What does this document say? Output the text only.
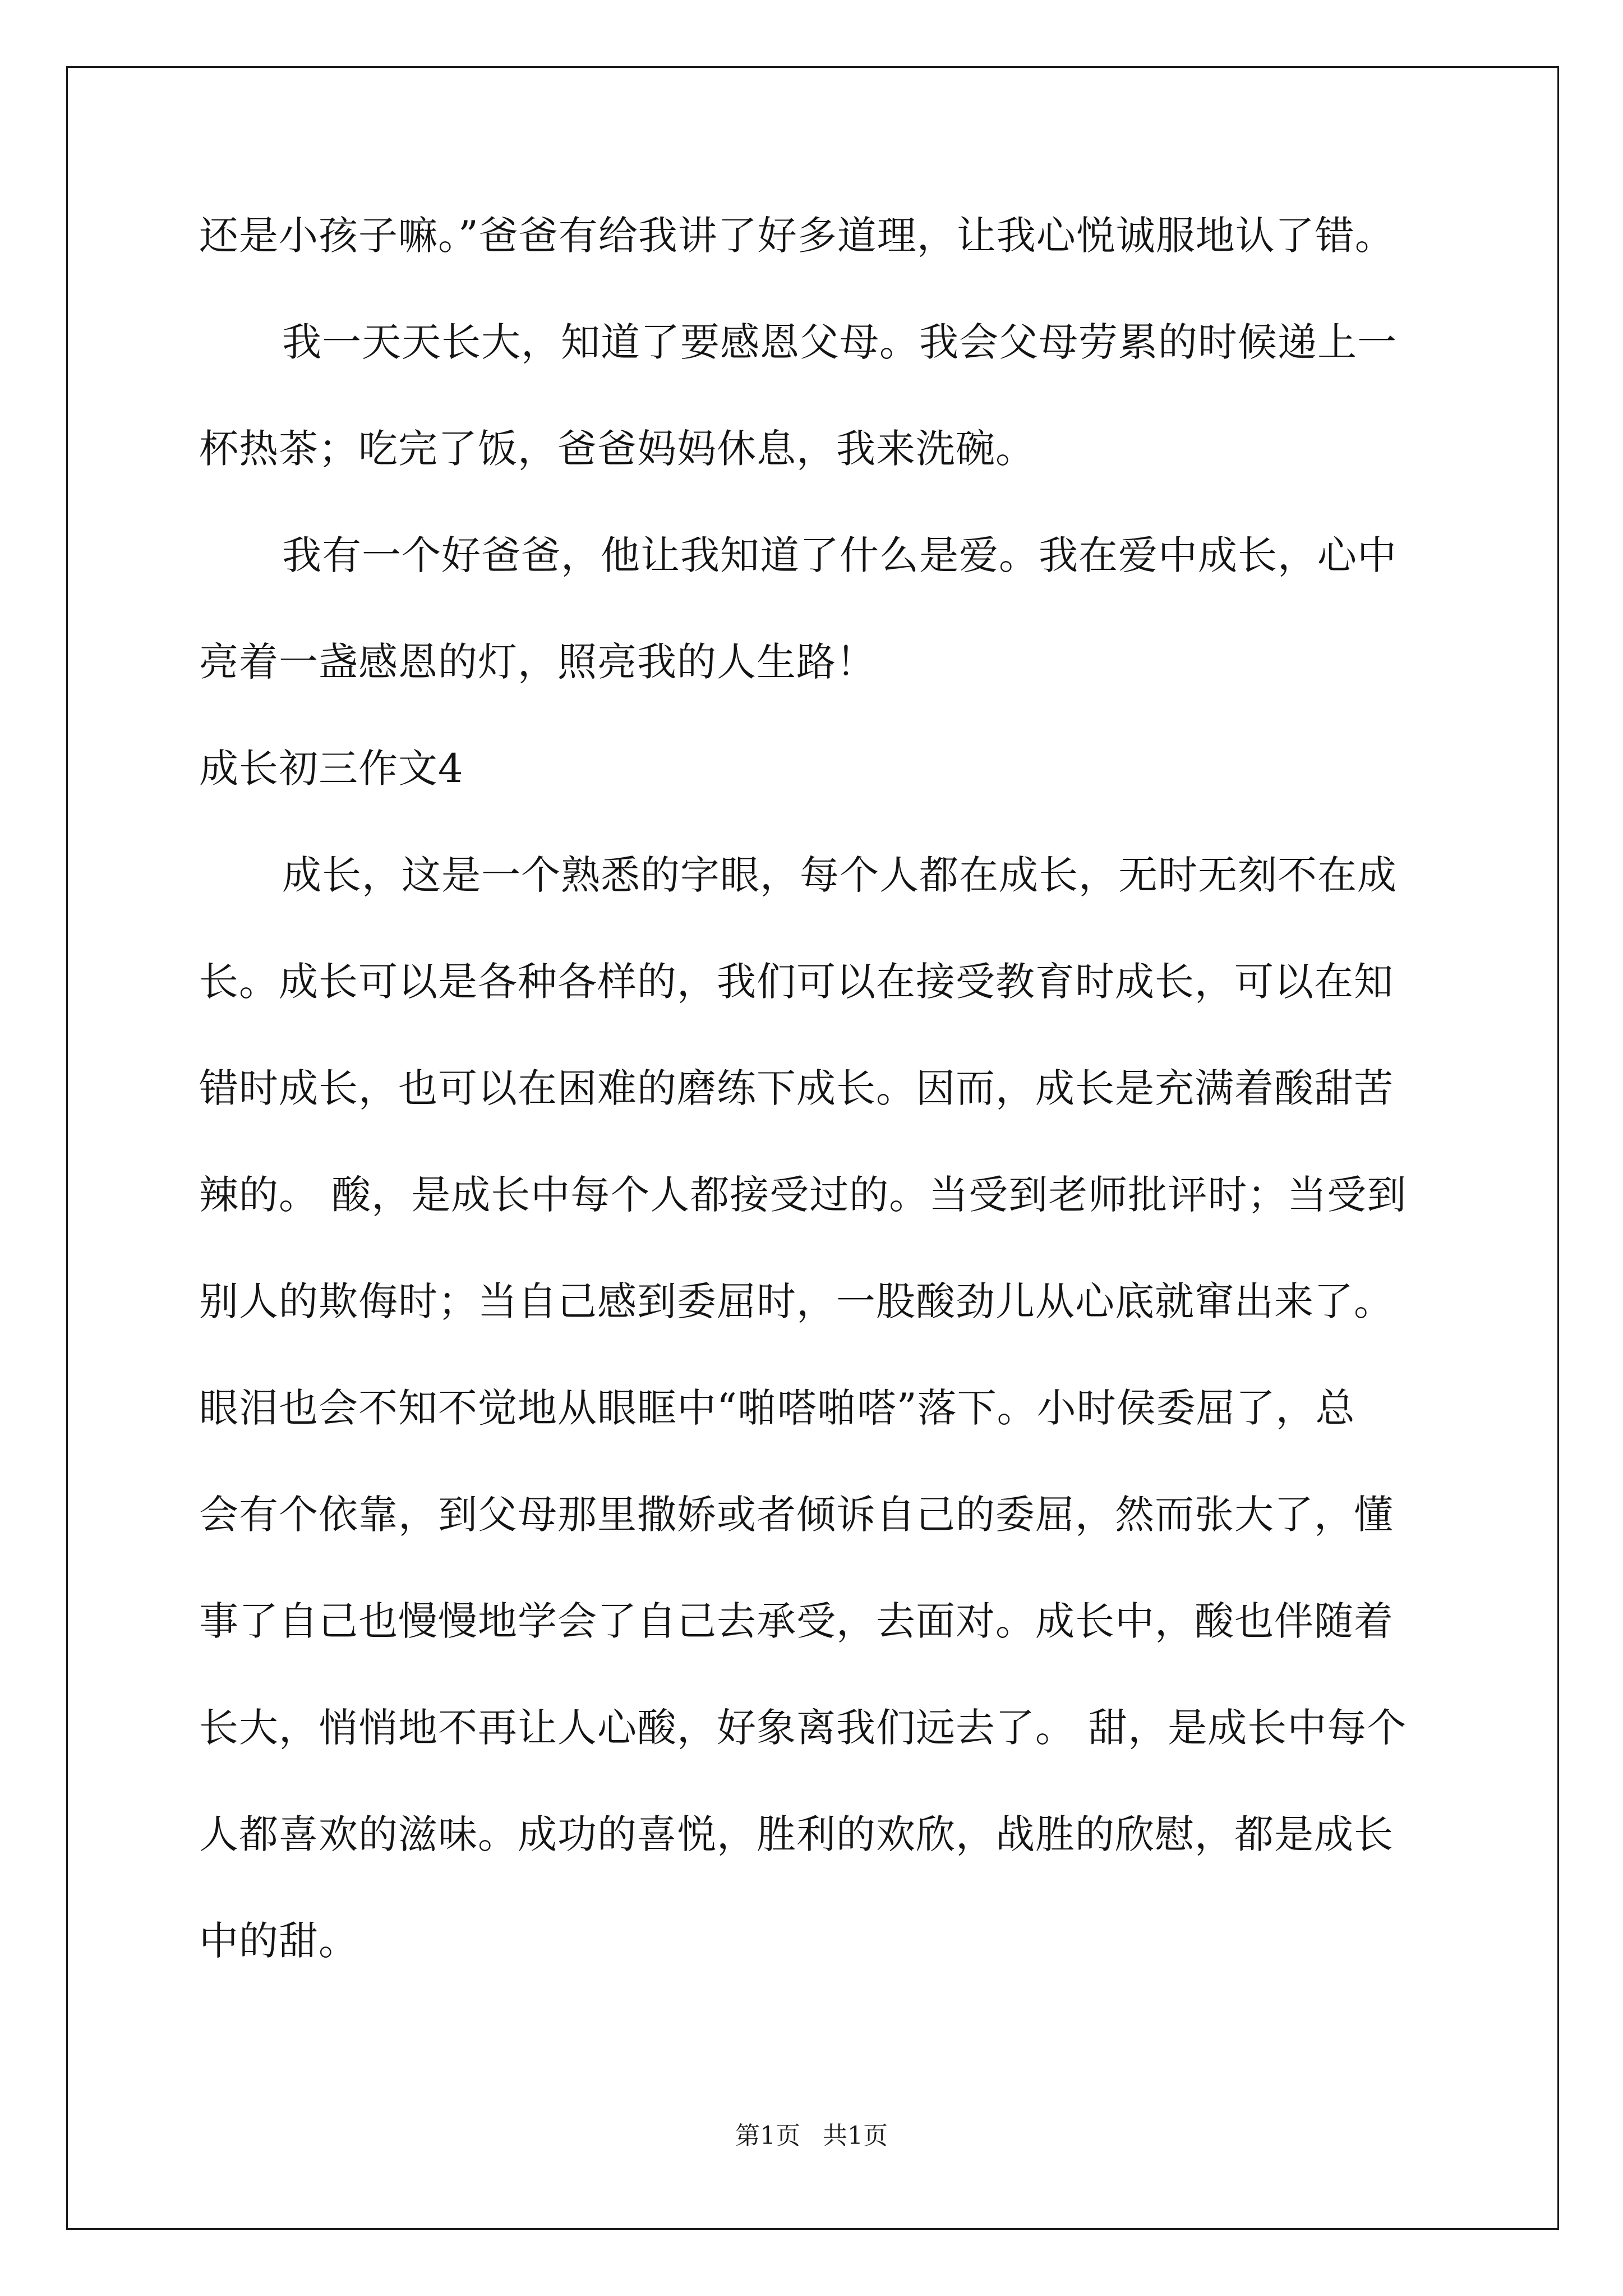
还是小孩子嘛。”爸爸有给我讲了好多道理，让我心悦诚服地认了错。
我一天天长大，知道了要感恩父母。我会父母劳累的时候递上一
杯热茶；吃完了饭，爸爸妈妈休息，我来洗碗。
我有一个好爸爸，他让我知道了什么是爱。我在爱中成长，心中
亮着一盏感恩的灯，照亮我的人生路！
成长初三作文4
成长，这是一个熟悉的字眼，每个人都在成长，无时无刻不在成
长。成长可以是各种各样的，我们可以在接受教育时成长，可以在知
错时成长，也可以在困难的磨练下成长。因而，成长是充满着酸甜苦
辣的。 酸，是成长中每个人都接受过的。当受到老师批评时；当受到
别人的欺侮时；当自己感到委屈时，一股酸劲儿从心底就窜出来了。
眼泪也会不知不觉地从眼眶中“啪嗒啪嗒”落下。小时侯委屈了，总
会有个依靠，到父母那里撒娇或者倾诉自己的委屈，然而张大了，懂
事了自己也慢慢地学会了自己去承受，去面对。成长中，酸也伴随着
长大，悄悄地不再让人心酸，好象离我们远去了。 甜，是成长中每个
人都喜欢的滋味。成功的喜悦，胜利的欢欣，战胜的欣慰，都是成长
中的甜。
第1页 共1页
